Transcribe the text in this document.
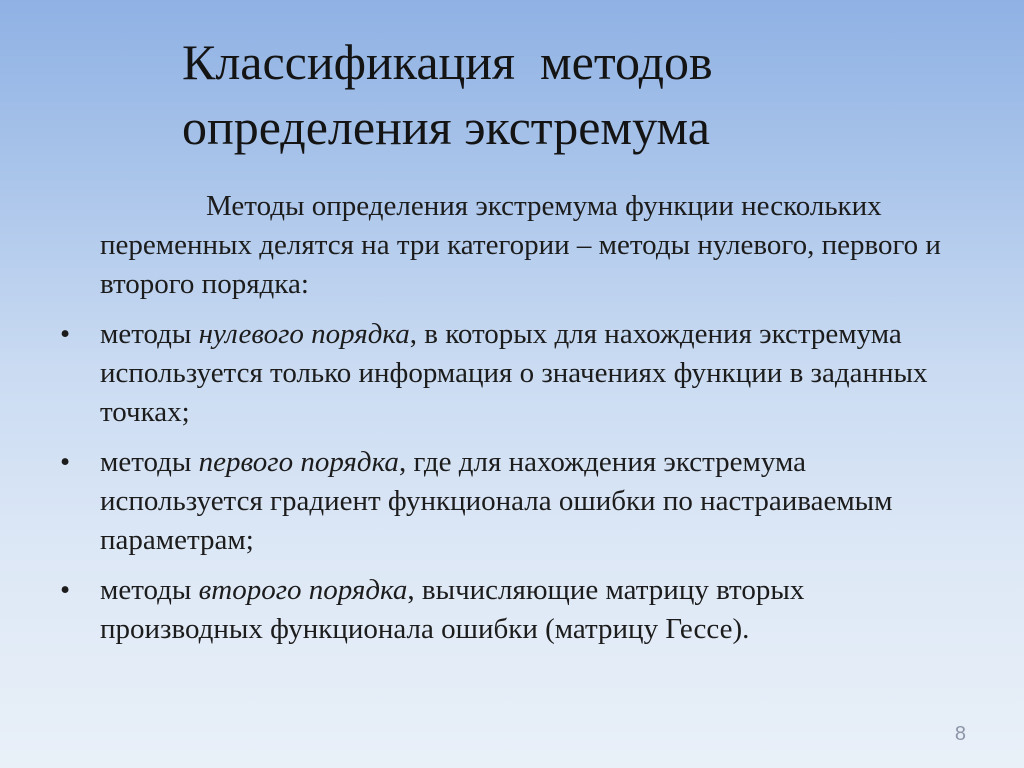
Классификация  методов
определения экстремума

Методы определения экстремума функции нескольких переменных делятся на три категории – методы нулевого, первого и второго порядка:

•	методы нулевого порядка, в которых для нахождения экстремума используется только информация о значениях функции в заданных точках;
•	методы первого порядка, где для нахождения экстремума используется градиент функционала ошибки по настраиваемым параметрам;
•	методы второго порядка, вычисляющие матрицу вторых производных функционала ошибки (матрицу Гессе).
8
